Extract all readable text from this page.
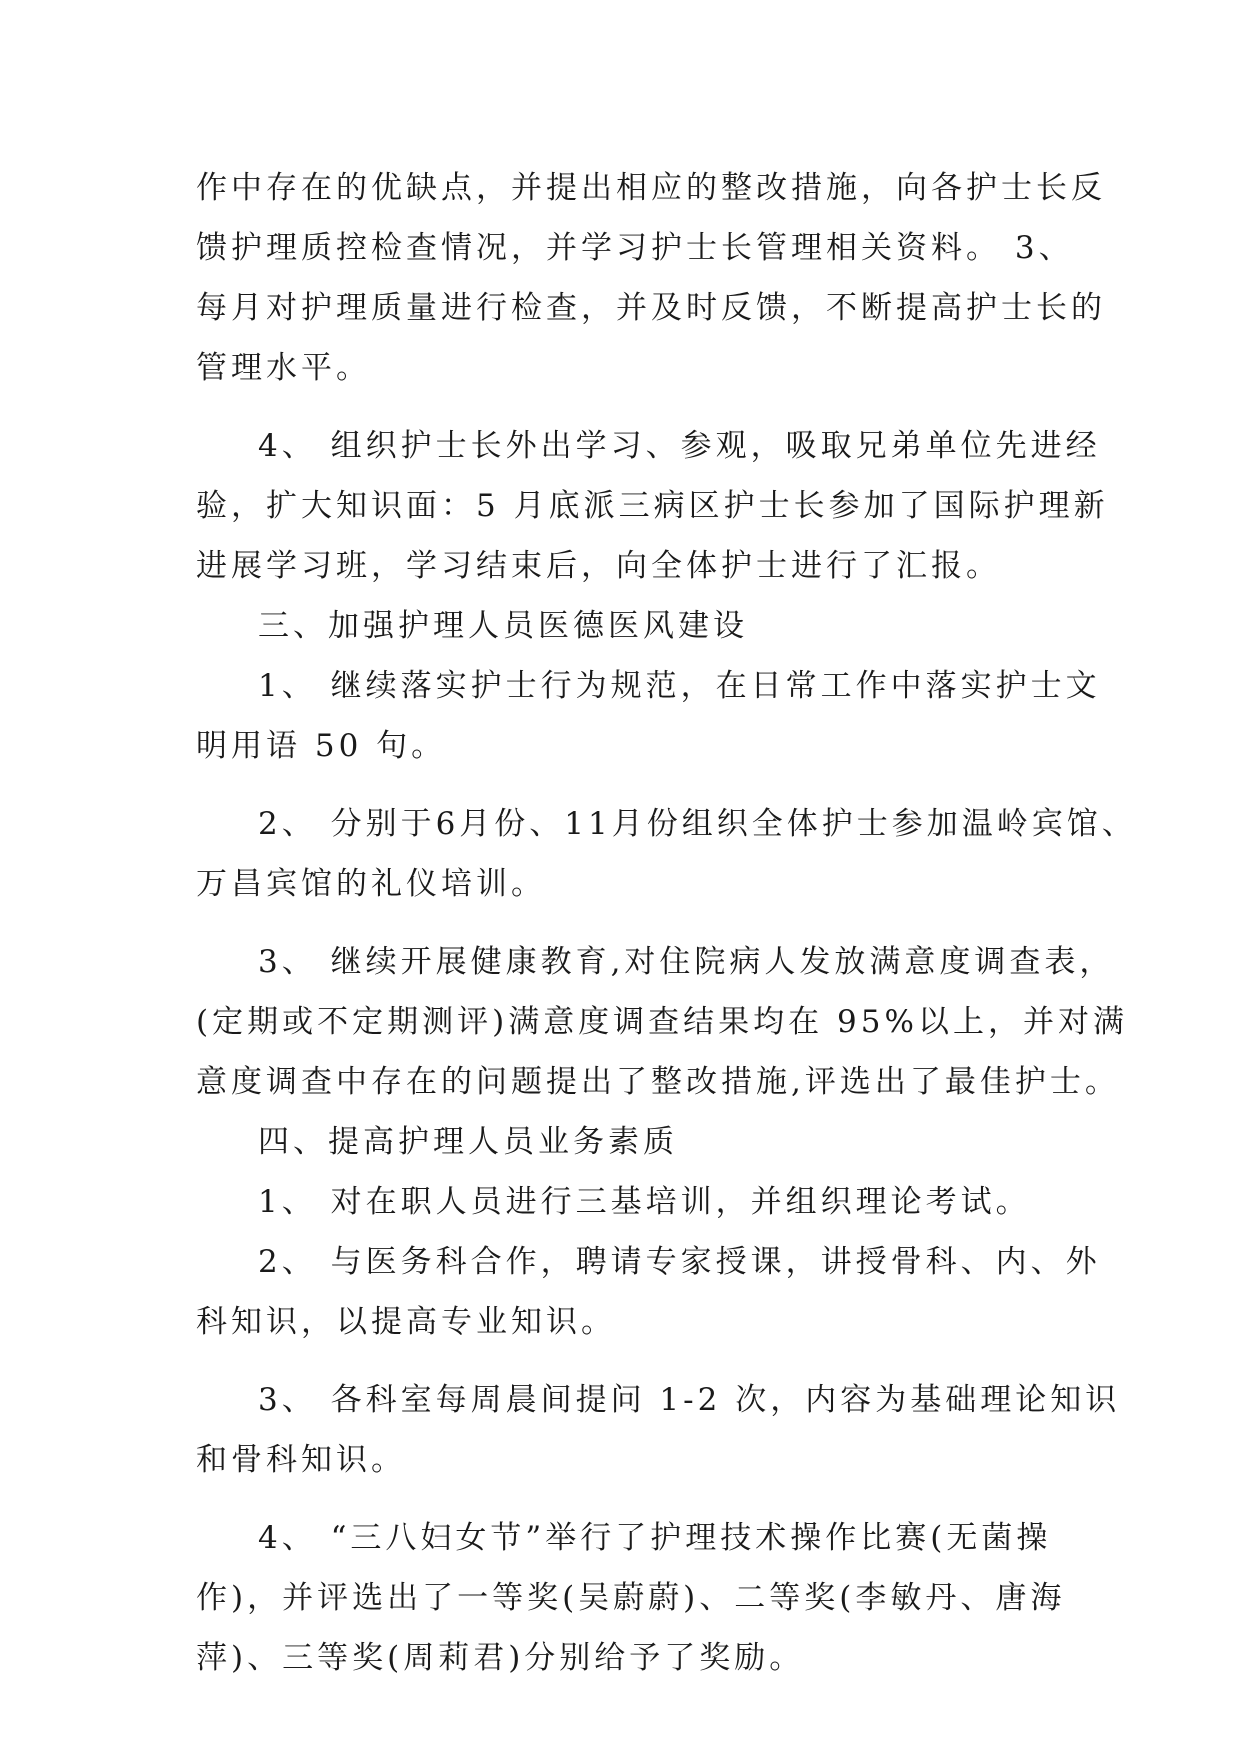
作中存在的优缺点，并提出相应的整改措施，向各护士长反

馈护理质控检查情况，并学习护士长管理相关资料。 3、

每月对护理质量进行检查，并及时反馈，不断提高护士长的

管理水平。

4、 组织护士长外出学习、参观，吸取兄弟单位先进经

验，扩大知识面：5 月底派三病区护士长参加了国际护理新

进展学习班，学习结束后，向全体护士进行了汇报。

三、加强护理人员医德医风建设

1、 继续落实护士行为规范，在日常工作中落实护士文

明用语 50 句。

2、 分别于6月份、11月份组织全体护士参加温岭宾馆、

万昌宾馆的礼仪培训。

3、 继续开展健康教育,对住院病人发放满意度调查表，

(定期或不定期测评)满意度调查结果均在 95%以上，并对满

意度调查中存在的问题提出了整改措施,评选出了最佳护士。

四、提高护理人员业务素质

1、 对在职人员进行三基培训，并组织理论考试。

2、 与医务科合作，聘请专家授课，讲授骨科、内、外

科知识，以提高专业知识。

3、 各科室每周晨间提问 1-2 次，内容为基础理论知识

和骨科知识。

4、 “三八妇女节”举行了护理技术操作比赛(无菌操

作)，并评选出了一等奖(吴蔚蔚)、二等奖(李敏丹、唐海

萍)、三等奖(周莉君)分别给予了奖励。
